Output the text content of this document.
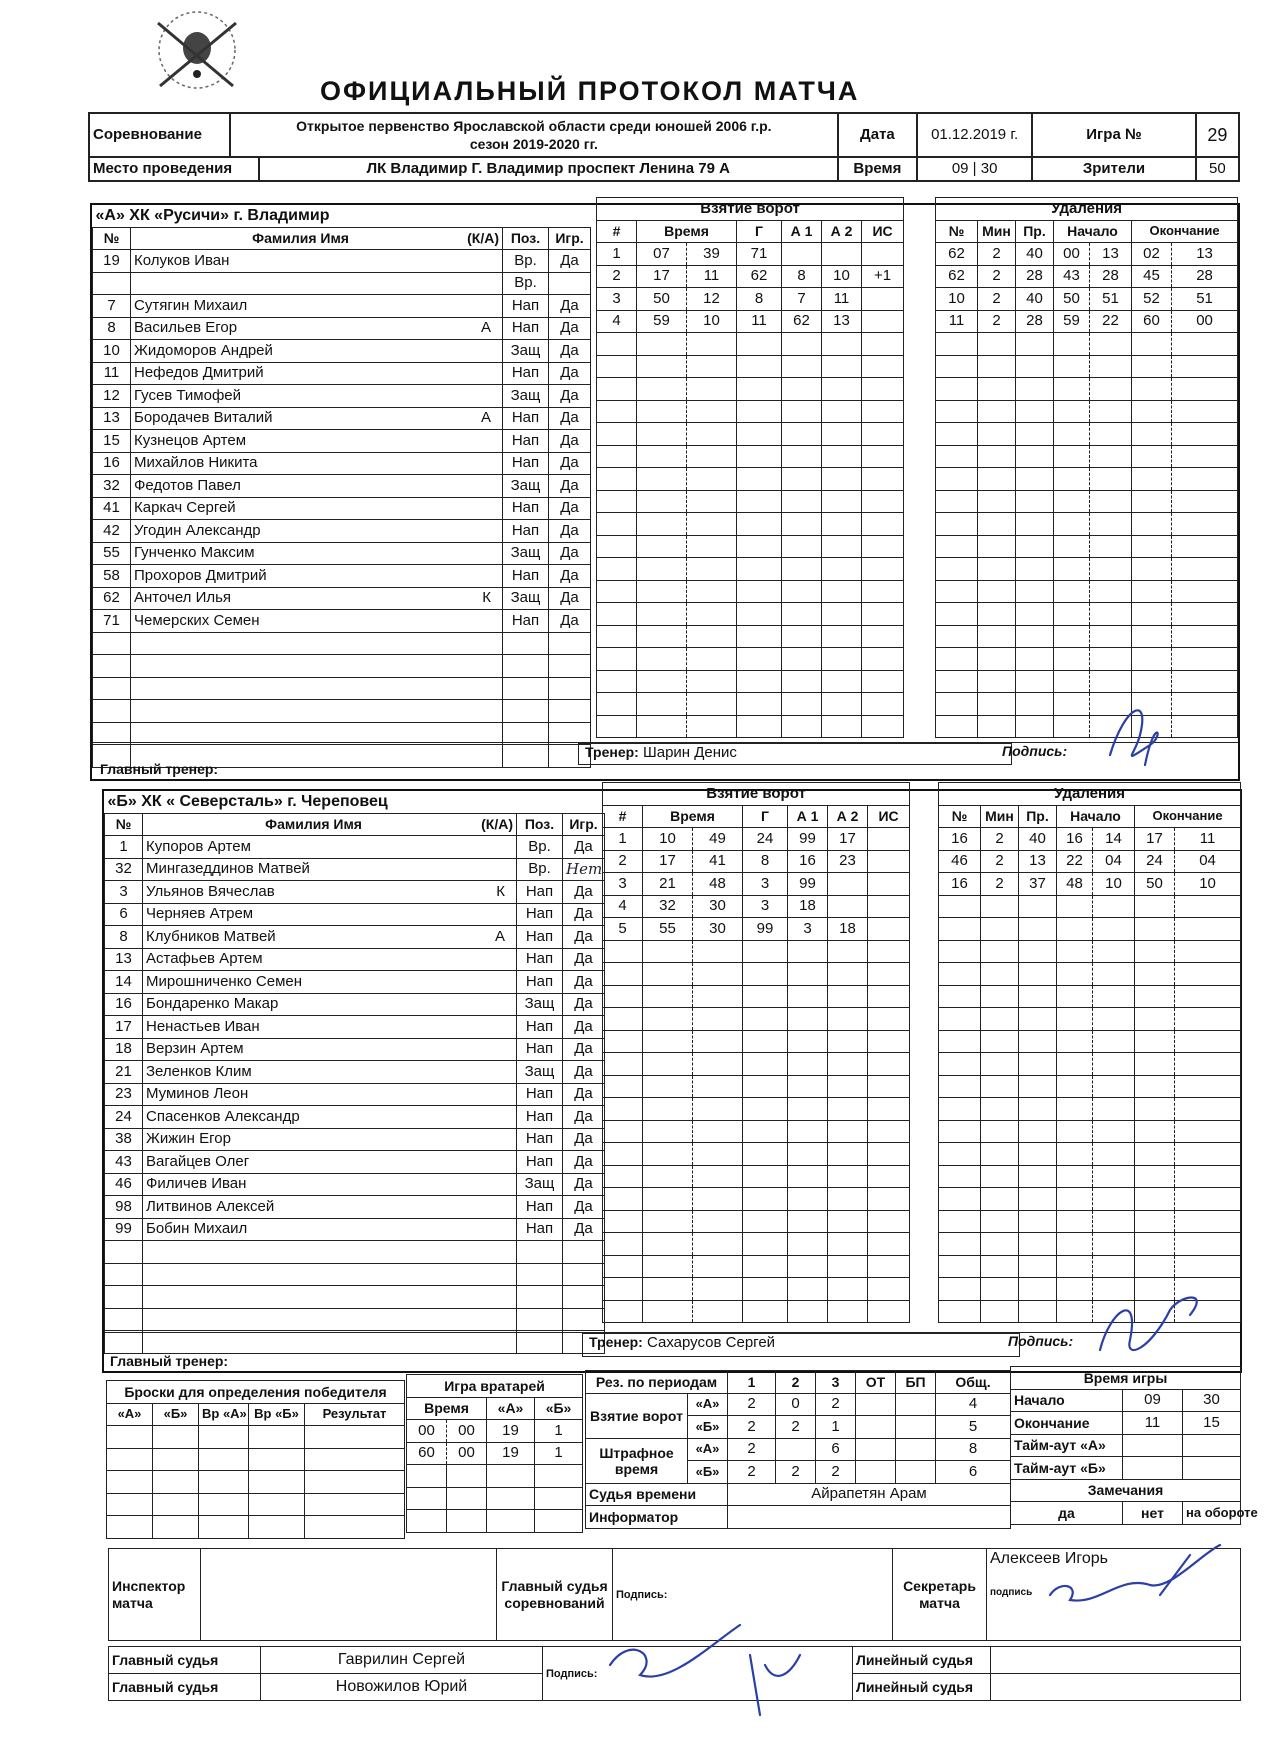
ОФИЦИАЛЬНЫЙ ПРОТОКОЛ МАТЧА
Соревнование	Открытое первенство Ярославской области среди юношей 2006 г.р.
сезон 2019-2020 гг.		Дата	01.12.2019 г.	Игра №	29
Место проведения		ЛК Владимир Г. Владимир проспект Ленина 79 А	Время	09 | 30	Зрители	50
«А» ХК «Русичи» г. Владимир			
№	Фамилия Имя (К/А)	Поз.	Игр.
19	Колуков Иван	Вр.	Да

	Вр.	
7	Сутягин Михаил	Нап	Да
8	Васильев Егор А	Нап	Да
10	Жидоморов Андрей	Защ	Да
11	Нефедов Дмитрий	Нап	Да
12	Гусев Тимофей	Защ	Да
13	Бородачев Виталий А	Нап	Да
15	Кузнецов Артем	Нап	Да
16	Михайлов Никита	Нап	Да
32	Федотов Павел	Защ	Да
41	Каркач Сергей	Нап	Да
42	Угодин Александр	Нап	Да
55	Гунченко Максим	Защ	Да
58	Прохоров Дмитрий	Нап	Да
62	Анточел Илья К	Защ	Да
71	Чемерских Семен	Нап	Да

Взятие ворот						
#	Время		Г	А 1	А 2	ИС
1	07	39	71			
2	17	11	62	8	10	+1
3	50	12	8	7	11	
4	59	10	11	62	13	

Удаления						
№	Мин	Пр.	Начало		Окончание	
62	2	40	00	13	02	13
62	2	28	43	28	45	28
10	2	40	50	51	52	51
11	2	28	59	22	60	00

Главный тренер:
Тренер: Шарин Денис	Подпись:
«Б» ХК « Северсталь» г. Череповец			
№	Фамилия Имя (К/А)	Поз.	Игр.
1	Купоров Артем	Вр.	Да
32	Мингазеддинов Матвей	Вр.	Нет
3	Ульянов Вячеслав К	Нап	Да
6	Черняев Атрем	Нап	Да
8	Клубников Матвей А	Нап	Да
13	Астафьев Артем	Нап	Да
14	Мирошниченко Семен	Нап	Да
16	Бондаренко Макар	Защ	Да
17	Ненастьев Иван	Нап	Да
18	Верзин Артем	Нап	Да
21	Зеленков Клим	Защ	Да
23	Муминов Леон	Нап	Да
24	Спасенков Александр	Нап	Да
38	Жижин Егор	Нап	Да
43	Вагайцев Олег	Нап	Да
46	Филичев Иван	Защ	Да
98	Литвинов Алексей	Нап	Да
99	Бобин Михаил	Нап	Да

Взятие ворот						
#	Время		Г	А 1	А 2	ИС
1	10	49	24	99	17	
2	17	41	8	16	23	
3	21	48	3	99		
4	32	30	3	18		
5	55	30	99	3	18	

Удаления						
№	Мин	Пр.	Начало		Окончание	
16	2	40	16	14	17	11
46	2	13	22	04	24	04
16	2	37	48	10	50	10

Главный тренер:
Тренер: Сахарусов Сергей	Подпись:
Броски для определения победителя				
«А»	«Б»	Вр «А»	Вр «Б»	Результат

Игра вратарей			
Время		«А»	«Б»
00	00	19	1
60	00	19	1

Рез. по периодам		1	2	3	ОТ	БП	Общ.
Взятие ворот	«А»	2	0	2			4
	«Б»	2	2	1			5
Штрафное время	«А»	2		6			8
	«Б»	2	2	2			6
Судья времени		Айрапетян Арам					
Информатор							
Время игры		
Начало	09	30
Окончание	11	15
Тайм-аут «А»		
Тайм-аут «Б»		
Замечания		
да	нет	на обороте
Инспектор матча		Главный судья соревнований	Подпись:	Секретарь матча	
Алексеев Игорь
подпись
Главный судья	Гаврилин Сергей	Подпись:	Линейный судья	
Главный судья	Новожилов Юрий		Линейный судья	
